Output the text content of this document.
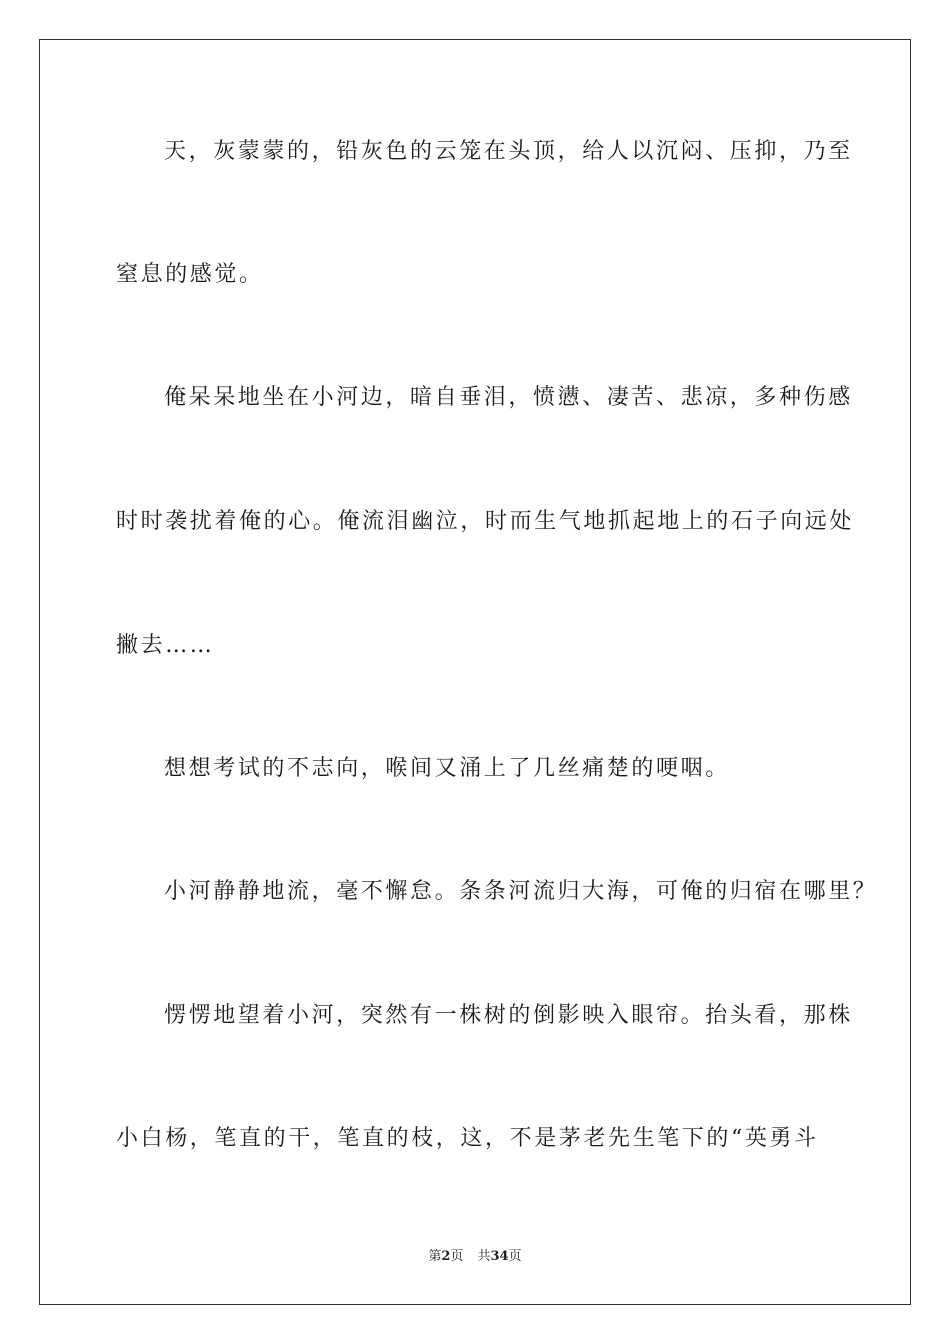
天，灰蒙蒙的，铅灰色的云笼在头顶，给人以沉闷、压抑，乃至
窒息的感觉。
俺呆呆地坐在小河边，暗自垂泪，愤懑、凄苦、悲凉，多种伤感
时时袭扰着俺的心。俺流泪幽泣，时而生气地抓起地上的石子向远处
撇去……
想想考试的不志向，喉间又涌上了几丝痛楚的哽咽。
小河静静地流，毫不懈怠。条条河流归大海，可俺的归宿在哪里？
愣愣地望着小河，突然有一株树的倒影映入眼帘。抬头看，那株
小白杨，笔直的干，笔直的枝，这，不是茅老先生笔下的“英勇斗
第2页 共34页
